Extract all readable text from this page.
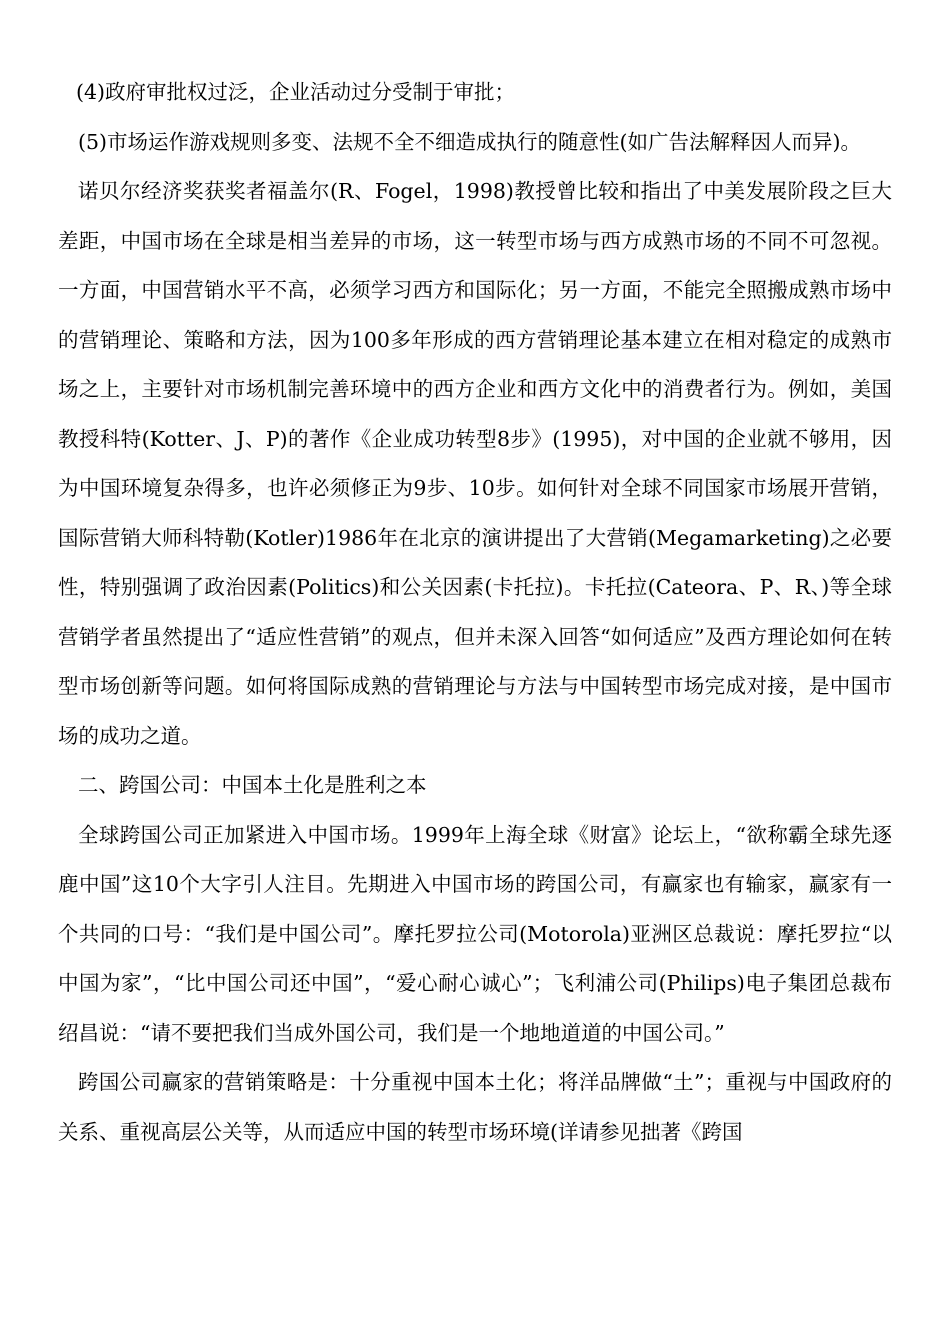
(4)政府审批权过泛，企业活动过分受制于审批；

(5)市场运作游戏规则多变、法规不全不细造成执行的随意性(如广告法解释因人而异)。

诺贝尔经济奖获奖者福盖尔(R、Fogel，1998)教授曾比较和指出了中美发展阶段之巨大差距，中国市场在全球是相当差异的市场，这一转型市场与西方成熟市场的不同不可忽视。一方面，中国营销水平不高，必须学习西方和国际化；另一方面，不能完全照搬成熟市场中的营销理论、策略和方法，因为100多年形成的西方营销理论基本建立在相对稳定的成熟市场之上，主要针对市场机制完善环境中的西方企业和西方文化中的消费者行为。例如，美国教授科特(Kotter、J、P)的著作《企业成功转型8步》(1995)，对中国的企业就不够用，因为中国环境复杂得多，也许必须修正为9步、10步。如何针对全球不同国家市场展开营销，国际营销大师科特勒(Kotler)1986年在北京的演讲提出了大营销(Megamarketing)之必要性，特别强调了政治因素(Politics)和公关因素(卡托拉)。卡托拉(Cateora、P、R、)等全球营销学者虽然提出了“适应性营销”的观点，但并未深入回答“如何适应”及西方理论如何在转型市场创新等问题。如何将国际成熟的营销理论与方法与中国转型市场完成对接，是中国市场的成功之道。

二、跨国公司：中国本土化是胜利之本

全球跨国公司正加紧进入中国市场。1999年上海全球《财富》论坛上，“欲称霸全球先逐鹿中国”这10个大字引人注目。先期进入中国市场的跨国公司，有赢家也有输家，赢家有一个共同的口号：“我们是中国公司”。摩托罗拉公司(Motorola)亚洲区总裁说：摩托罗拉“以中国为家”，“比中国公司还中国”，“爱心耐心诚心”；飞利浦公司(Philips)电子集团总裁布绍昌说：“请不要把我们当成外国公司，我们是一个地地道道的中国公司。”

跨国公司赢家的营销策略是：十分重视中国本土化；将洋品牌做“土”；重视与中国政府的关系、重视高层公关等，从而适应中国的转型市场环境(详请参见拙著《跨国
